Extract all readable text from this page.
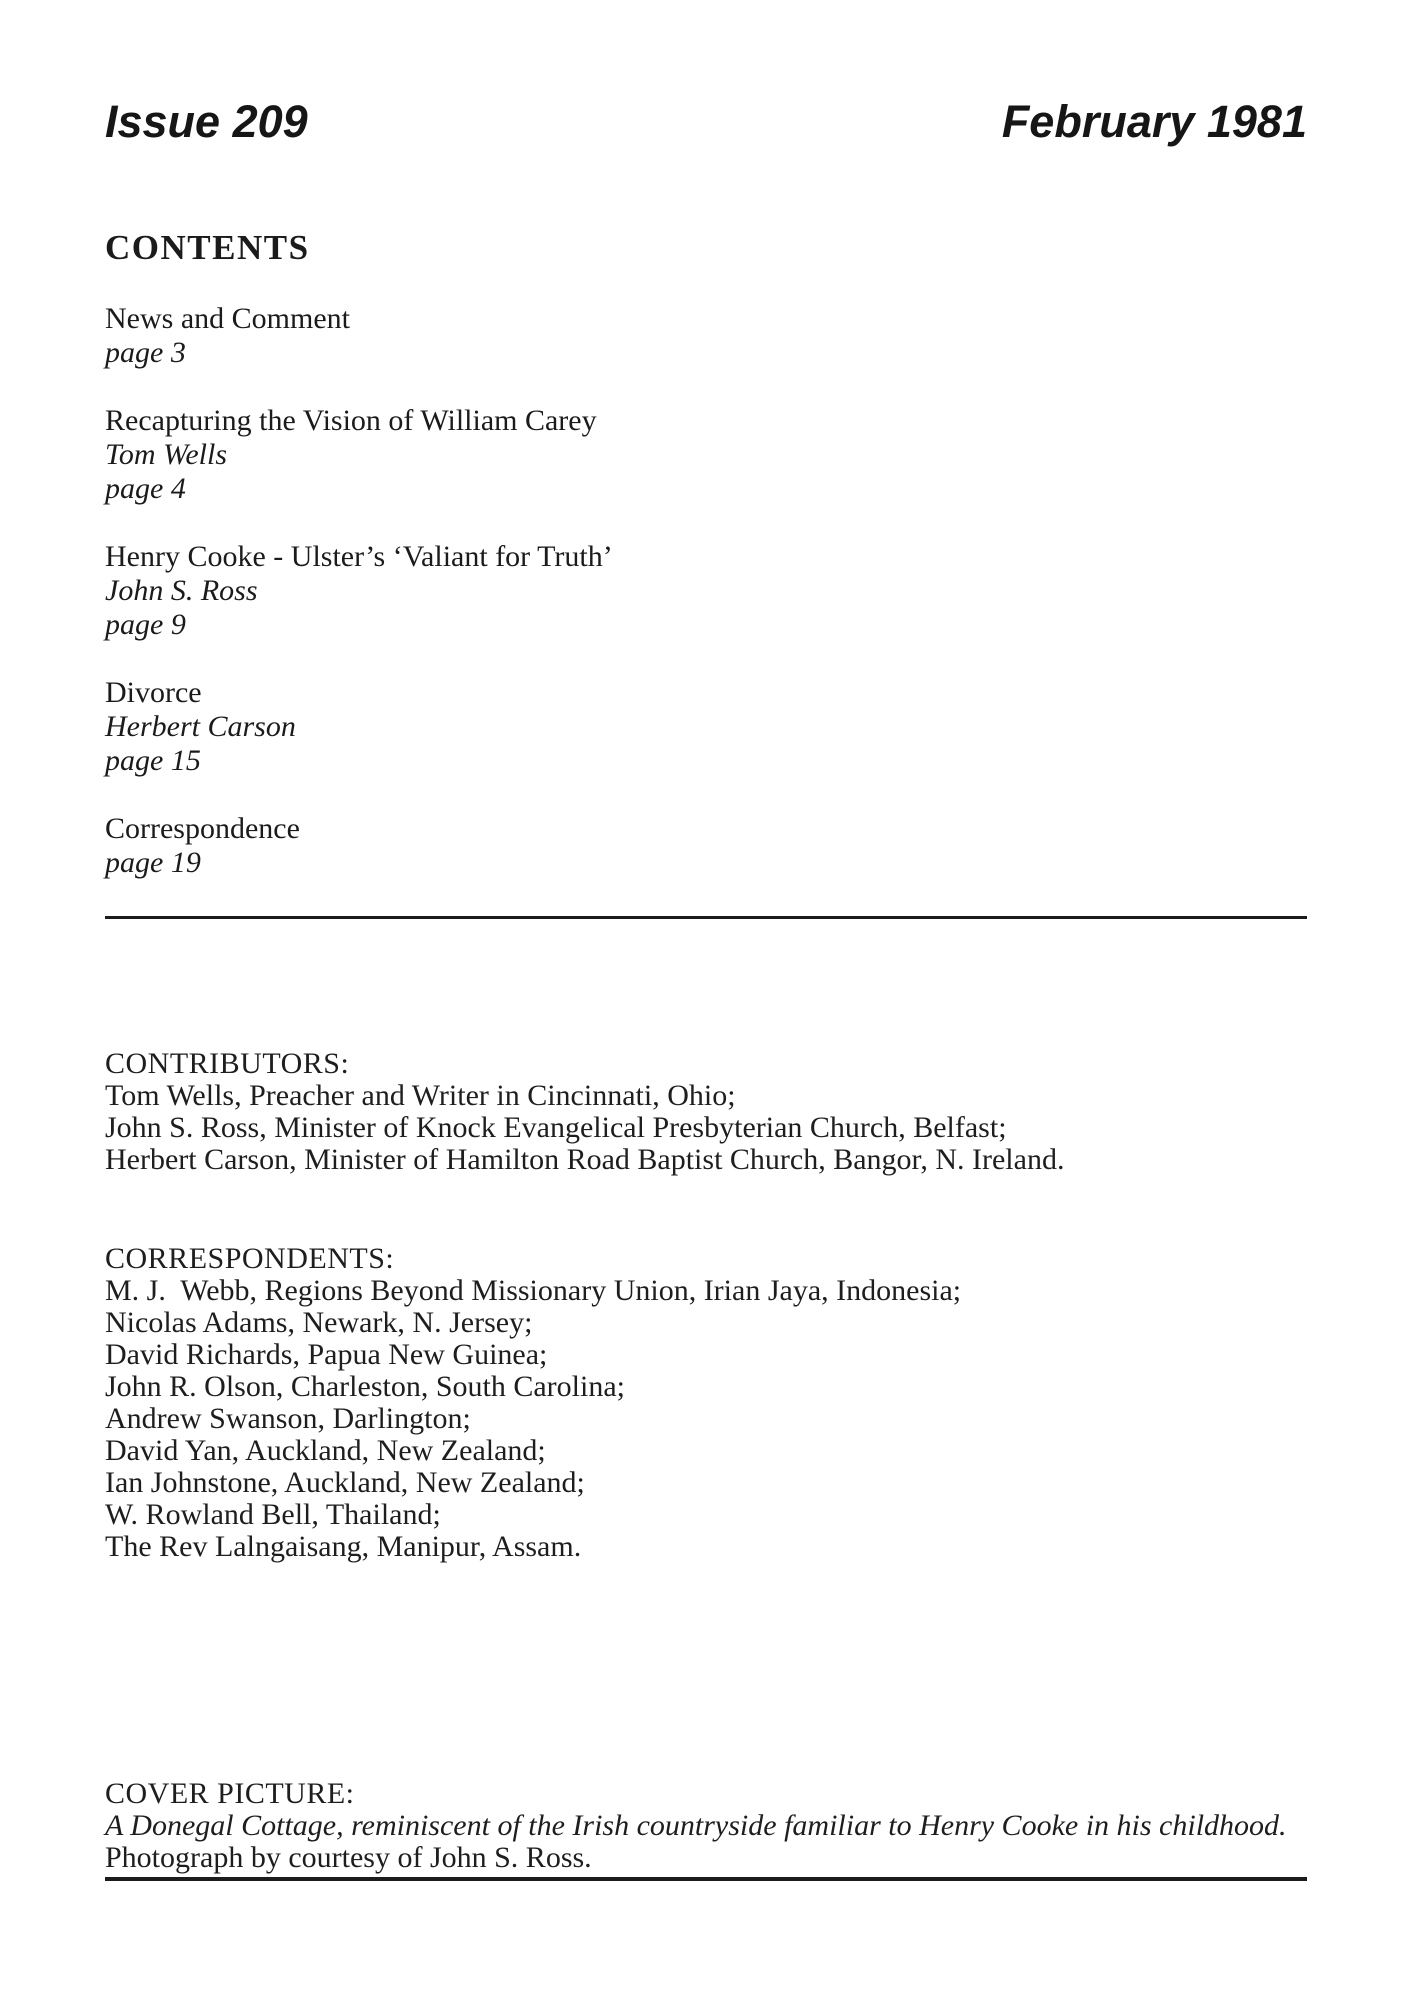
Issue 209	February 1981
CONTENTS
News and Comment
page 3
Recapturing the Vision of William Carey
Tom Wells
page 4
Henry Cooke - Ulster’s ‘Valiant for Truth’
John S. Ross
page 9
Divorce
Herbert Carson
page 15
Correspondence
page 19
CONTRIBUTORS:
Tom Wells, Preacher and Writer in Cincinnati, Ohio;
John S. Ross, Minister of Knock Evangelical Presbyterian Church, Belfast;
Herbert Carson, Minister of Hamilton Road Baptist Church, Bangor, N. Ireland.
CORRESPONDENTS:
M. J.  Webb, Regions Beyond Missionary Union, Irian Jaya, Indonesia;
Nicolas Adams, Newark, N. Jersey;
David Richards, Papua New Guinea;
John R. Olson, Charleston, South Carolina;
Andrew Swanson, Darlington;
David Yan, Auckland, New Zealand;
Ian Johnstone, Auckland, New Zealand;
W. Rowland Bell, Thailand;
The Rev Lalngaisang, Manipur, Assam.
COVER PICTURE:
A Donegal Cottage, reminiscent of the Irish countryside familiar to Henry Cooke in his childhood.
Photograph by courtesy of John S. Ross.
